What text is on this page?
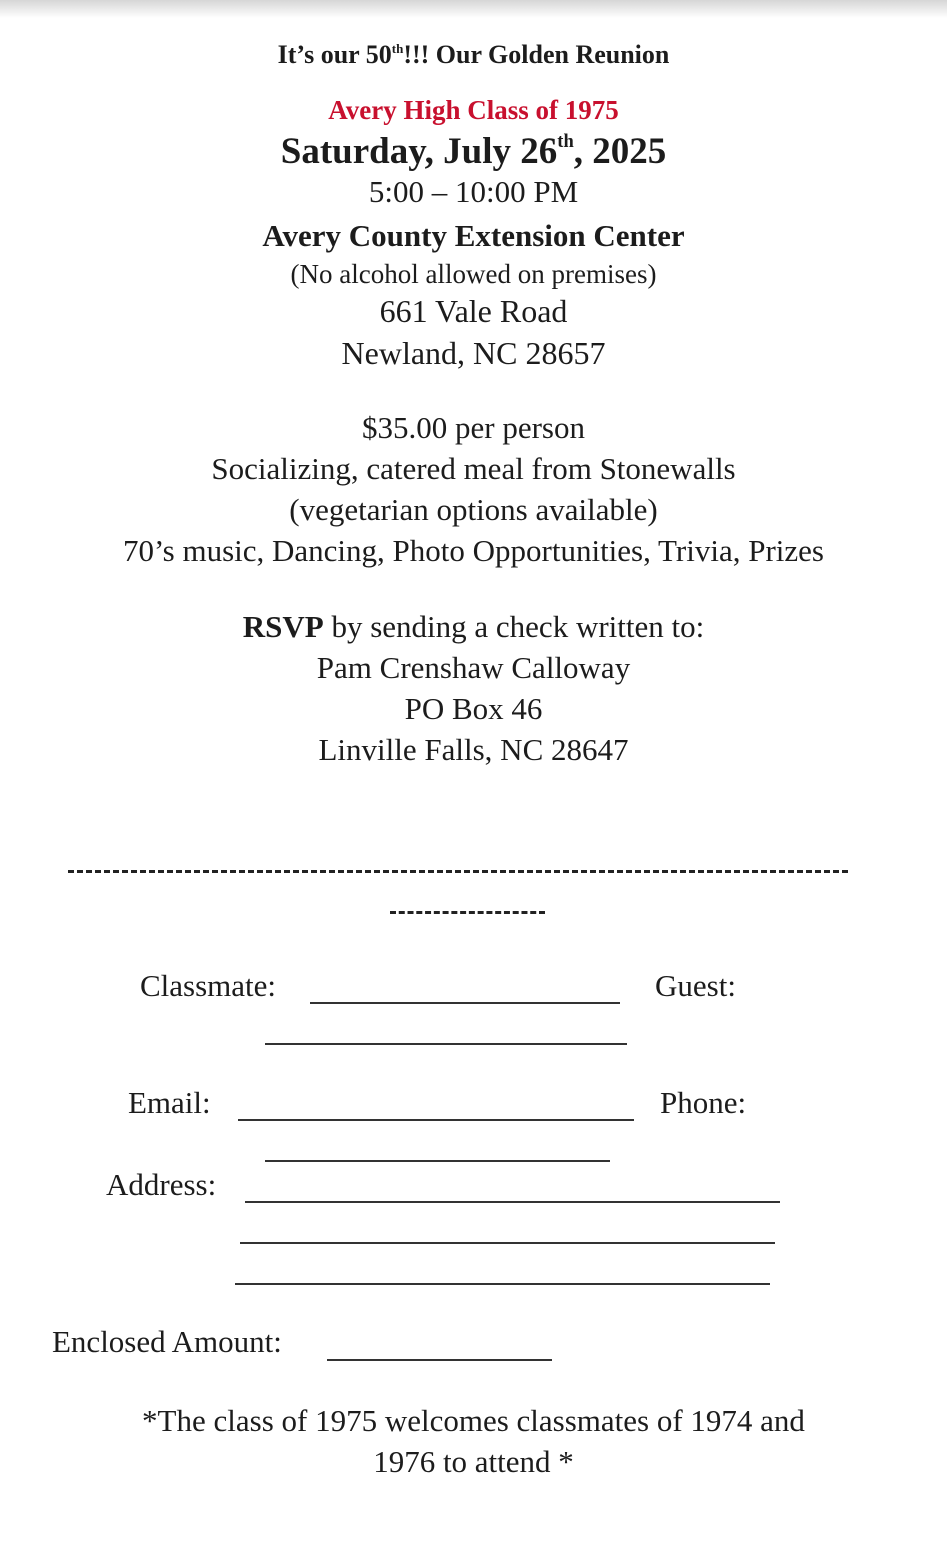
It’s our 50th!!! Our Golden Reunion
Avery High Class of 1975
Saturday, July 26th, 2025
5:00 – 10:00 PM
Avery County Extension Center
(No alcohol allowed on premises)
661 Vale Road
Newland, NC 28657
$35.00 per person
Socializing, catered meal from Stonewalls
(vegetarian options available)
70’s music, Dancing, Photo Opportunities, Trivia, Prizes
RSVP by sending a check written to:
Pam Crenshaw Calloway
PO Box 46
Linville Falls, NC 28647
Classmate:	Guest:
Email:	Phone:
Address:
Enclosed Amount:
*The class of 1975 welcomes classmates of 1974 and
1976 to attend *
